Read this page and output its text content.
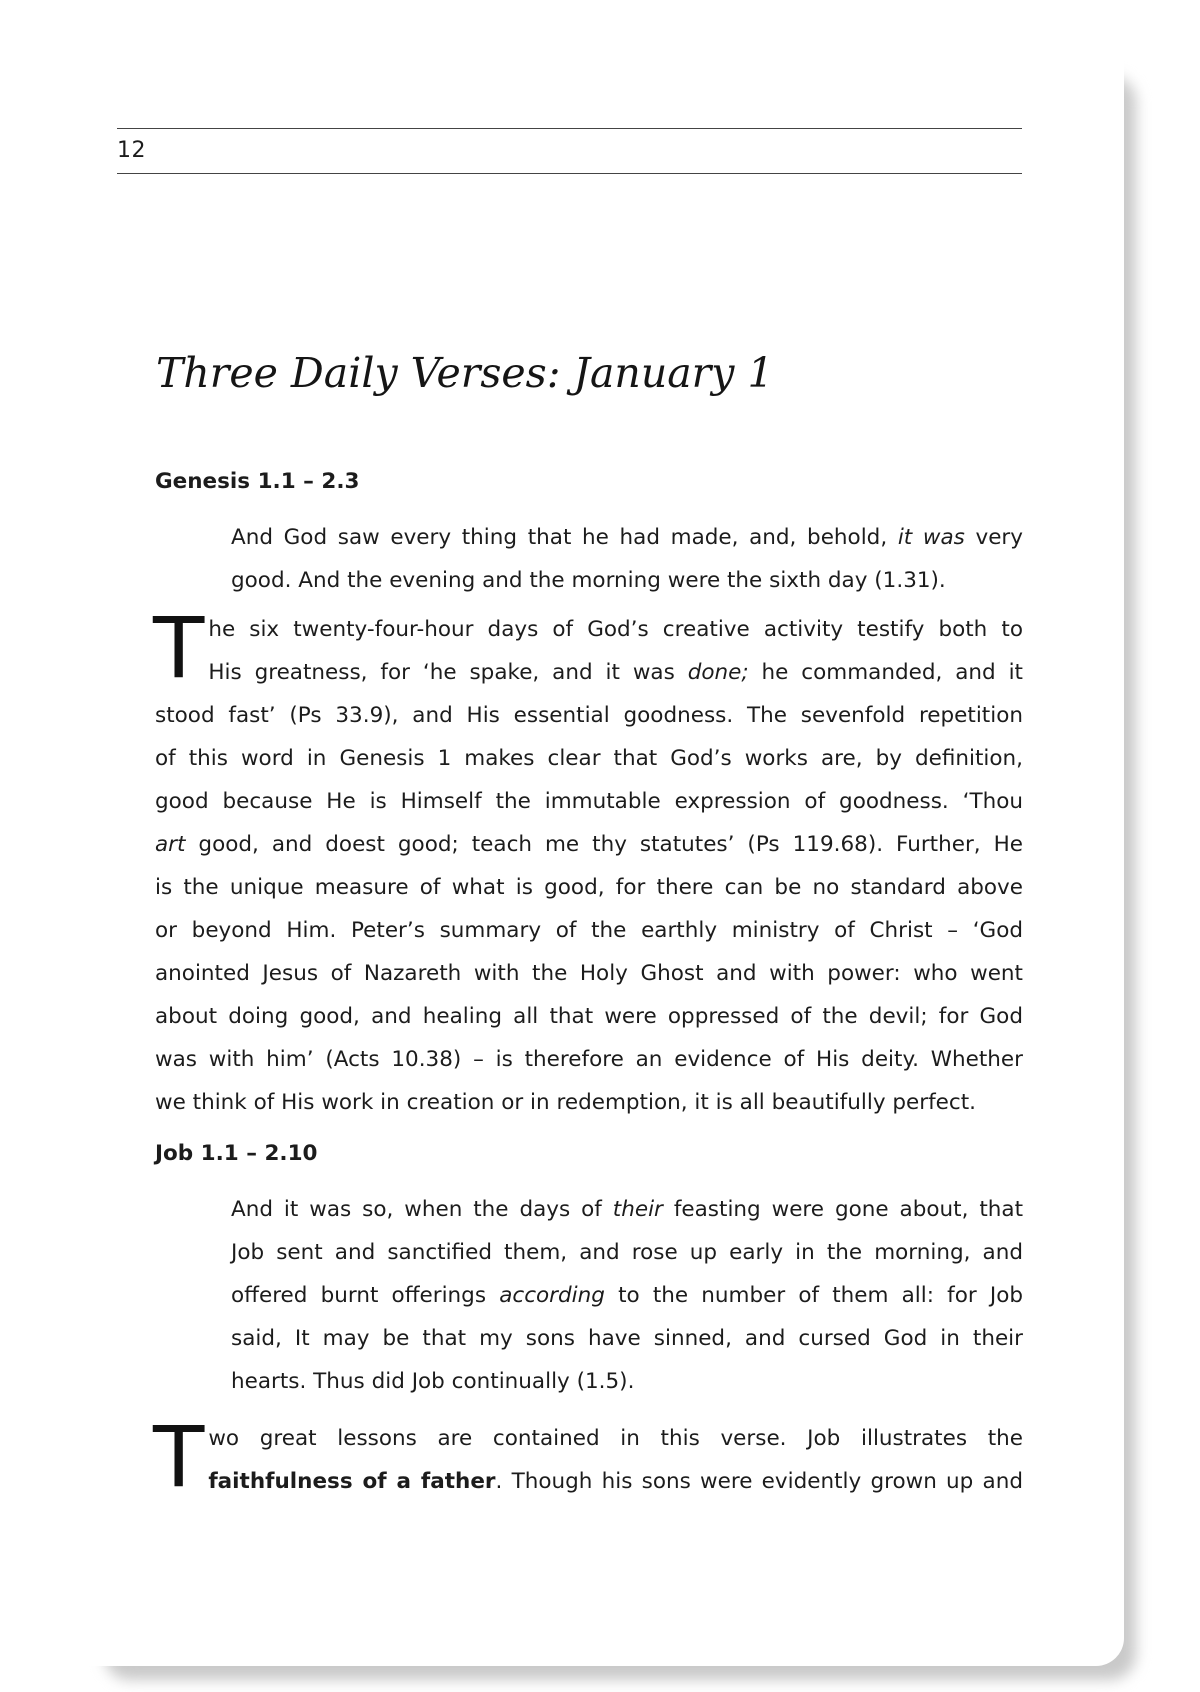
12
Three Daily Verses: January 1
Genesis 1.1 – 2.3
And God saw every thing that he had made, and, behold, it was very
good. And the evening and the morning were the sixth day (1.31).
T he six twenty-four-hour days of God’s creative activity testify both to
His greatness, for ‘he spake, and it was done; he commanded, and it
stood fast’ (Ps 33.9), and His essential goodness. The sevenfold repetition
of this word in Genesis 1 makes clear that God’s works are, by definition,
good because He is Himself the immutable expression of goodness. ‘Thou
art good, and doest good; teach me thy statutes’ (Ps 119.68). Further, He
is the unique measure of what is good, for there can be no standard above
or beyond Him. Peter’s summary of the earthly ministry of Christ – ‘God
anointed Jesus of Nazareth with the Holy Ghost and with power: who went
about doing good, and healing all that were oppressed of the devil; for God
was with him’ (Acts 10.38) – is therefore an evidence of His deity. Whether
we think of His work in creation or in redemption, it is all beautifully perfect.
Job 1.1 – 2.10
And it was so, when the days of their feasting were gone about, that
Job sent and sanctified them, and rose up early in the morning, and
offered burnt offerings according to the number of them all: for Job
said, It may be that my sons have sinned, and cursed God in their
hearts. Thus did Job continually (1.5).
T wo great lessons are contained in this verse. Job illustrates the
faithfulness of a father. Though his sons were evidently grown up and
